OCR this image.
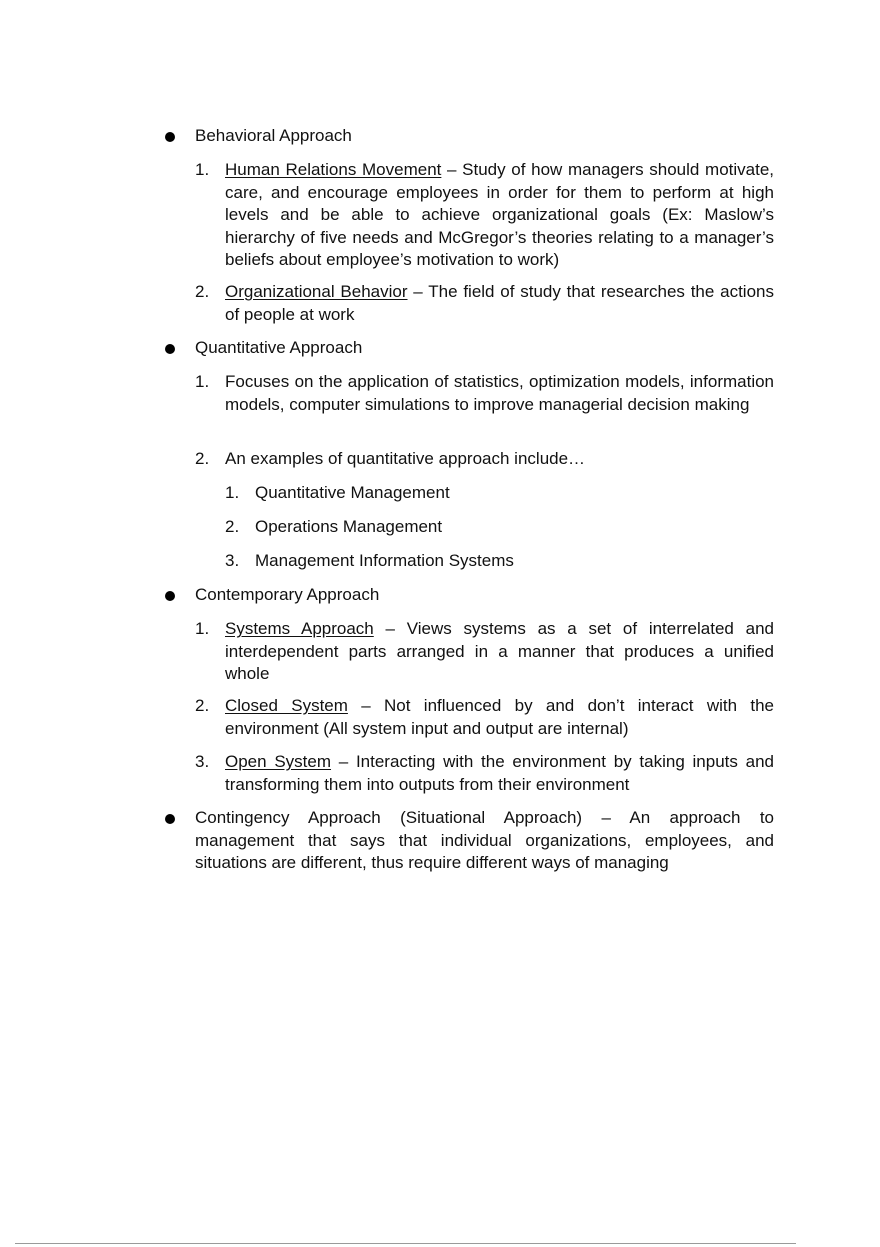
Behavioral Approach
1. Human Relations Movement – Study of how managers should motivate, care, and encourage employees in order for them to perform at high levels and be able to achieve organizational goals (Ex: Maslow’s hierarchy of five needs and McGregor’s theories relating to a manager’s beliefs about employee’s motivation to work)
2. Organizational Behavior – The field of study that researches the actions of people at work
Quantitative Approach
1. Focuses on the application of statistics, optimization models, information models, computer simulations to improve managerial decision making
2. An examples of quantitative approach include…
1. Quantitative Management
2. Operations Management
3. Management Information Systems
Contemporary Approach
1. Systems Approach – Views systems as a set of interrelated and interdependent parts arranged in a manner that produces a unified whole
2. Closed System – Not influenced by and don’t interact with the environment (All system input and output are internal)
3. Open System – Interacting with the environment by taking inputs and transforming them into outputs from their environment
Contingency Approach (Situational Approach) – An approach to management that says that individual organizations, employees, and situations are different, thus require different ways of managing
